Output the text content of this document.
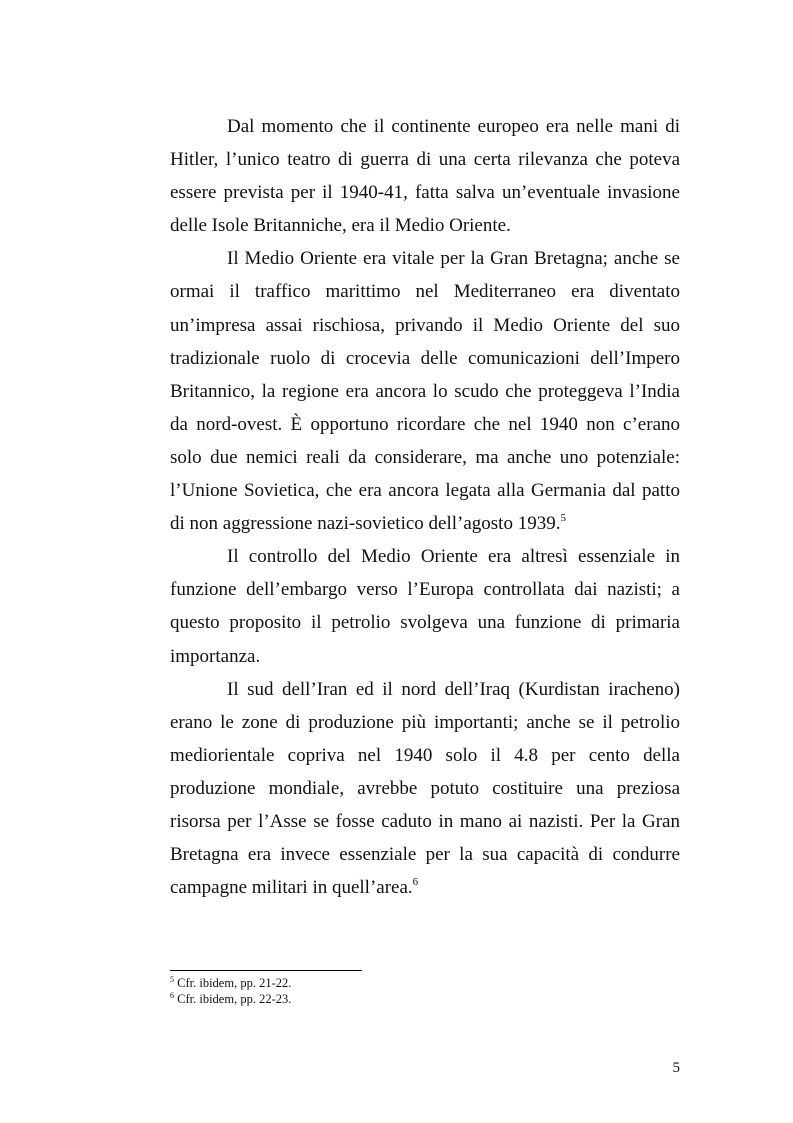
Dal momento che il continente europeo era nelle mani di Hitler, l’unico teatro di guerra di una certa rilevanza che poteva essere prevista per il 1940-41, fatta salva un’eventuale invasione delle Isole Britanniche, era il Medio Oriente.

Il Medio Oriente era vitale per la Gran Bretagna; anche se ormai il traffico marittimo nel Mediterraneo era diventato un’impresa assai rischiosa, privando il Medio Oriente del suo tradizionale ruolo di crocevia delle comunicazioni dell’Impero Britannico, la regione era ancora lo scudo che proteggeva l’India da nord-ovest. È opportuno ricordare che nel 1940 non c’erano solo due nemici reali da considerare, ma anche uno potenziale: l’Unione Sovietica, che era ancora legata alla Germania dal patto di non aggressione nazi-sovietico dell’agosto 1939.$^5$

Il controllo del Medio Oriente era altresì essenziale in funzione dell’embargo verso l’Europa controllata dai nazisti; a questo proposito il petrolio svolgeva una funzione di primaria importanza.

Il sud dell’Iran ed il nord dell’Iraq (Kurdistan iracheno) erano le zone di produzione più importanti; anche se il petrolio mediorientale copriva nel 1940 solo il 4.8 per cento della produzione mondiale, avrebbe potuto costituire una preziosa risorsa per l’Asse se fosse caduto in mano ai nazisti. Per la Gran Bretagna era invece essenziale per la sua capacità di condurre campagne militari in quell’area.$^6$

$^5$ Cfr. ibidem, pp. 21-22.

$^6$ Cfr. ibidem, pp. 22-23.

5
